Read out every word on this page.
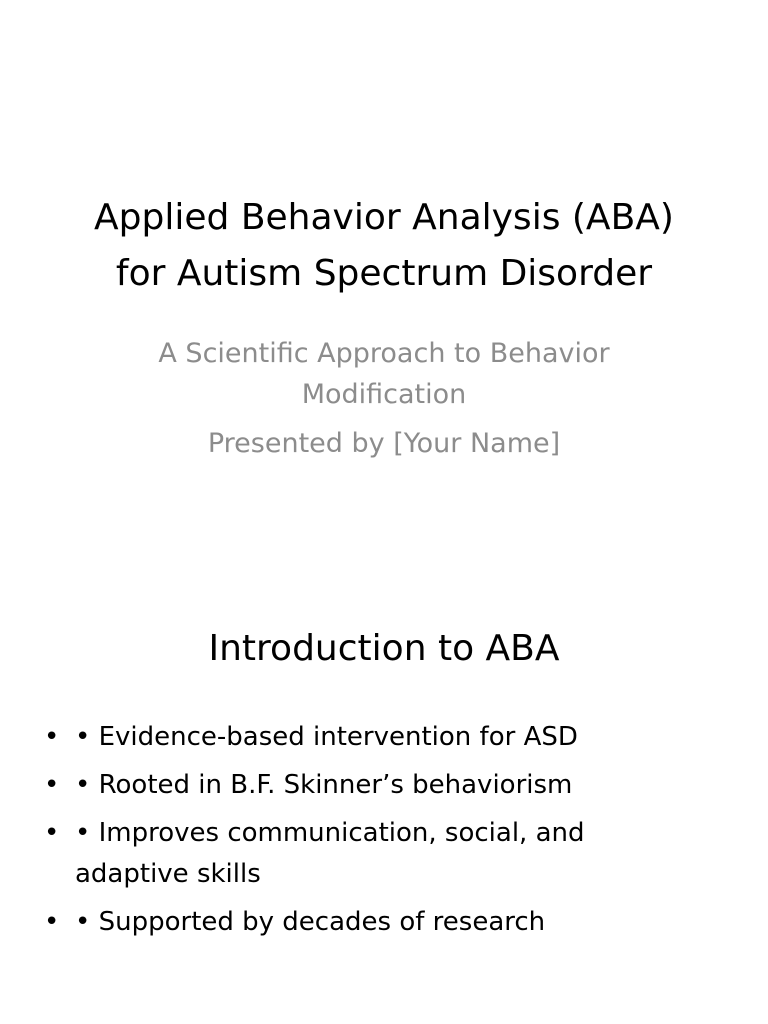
Applied Behavior Analysis (ABA)
for Autism Spectrum Disorder
A Scientific Approach to Behavior
Modification
Presented by [Your Name]
Introduction to ABA
• • Evidence-based intervention for ASD
• • Rooted in B.F. Skinner’s behaviorism
• • Improves communication, social, and
adaptive skills
• • Supported by decades of research
